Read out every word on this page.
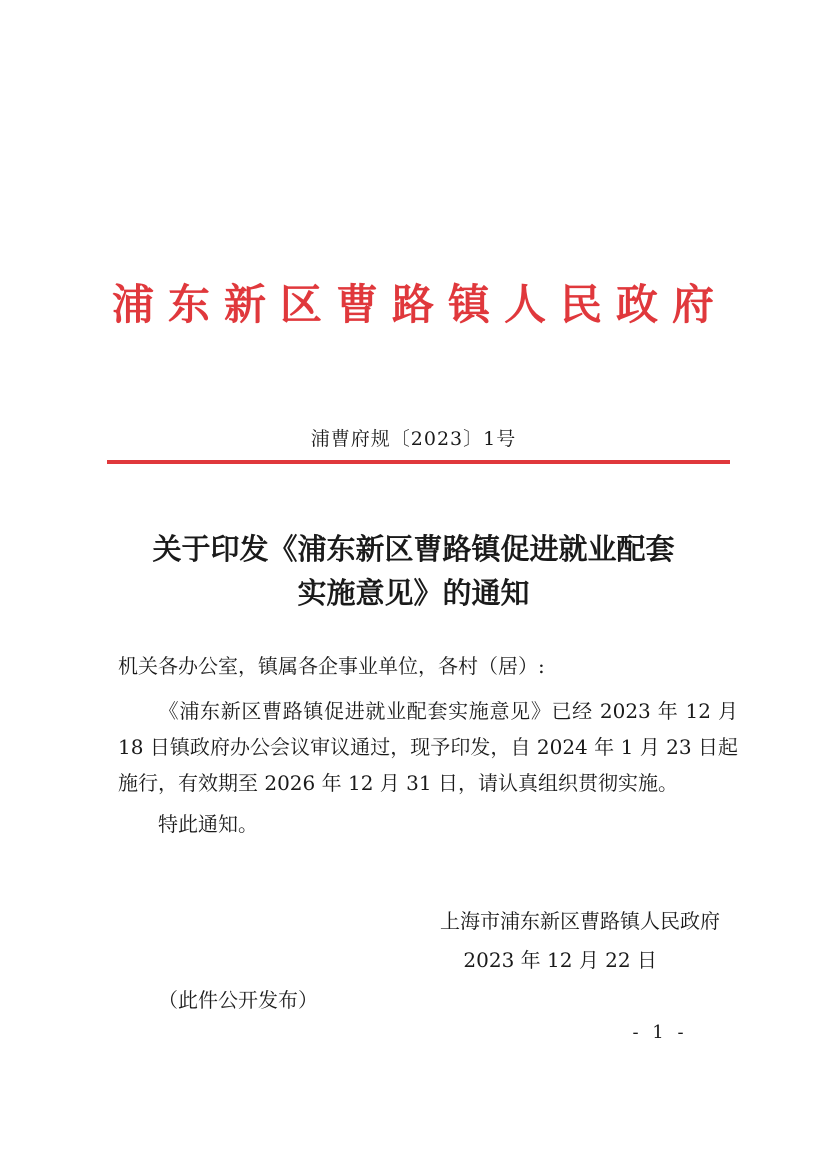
浦东新区曹路镇人民政府
浦曹府规〔2023〕1号
关于印发《浦东新区曹路镇促进就业配套
实施意见》的通知
机关各办公室，镇属各企事业单位，各村（居）:
《浦东新区曹路镇促进就业配套实施意见》已经 2023 年 12 月 18 日镇政府办公会议审议通过，现予印发，自 2024 年 1 月 23 日起施行，有效期至 2026 年 12 月 31 日，请认真组织贯彻实施。
特此通知。
上海市浦东新区曹路镇人民政府
2023 年 12 月 22 日
（此件公开发布）
- 1 -
